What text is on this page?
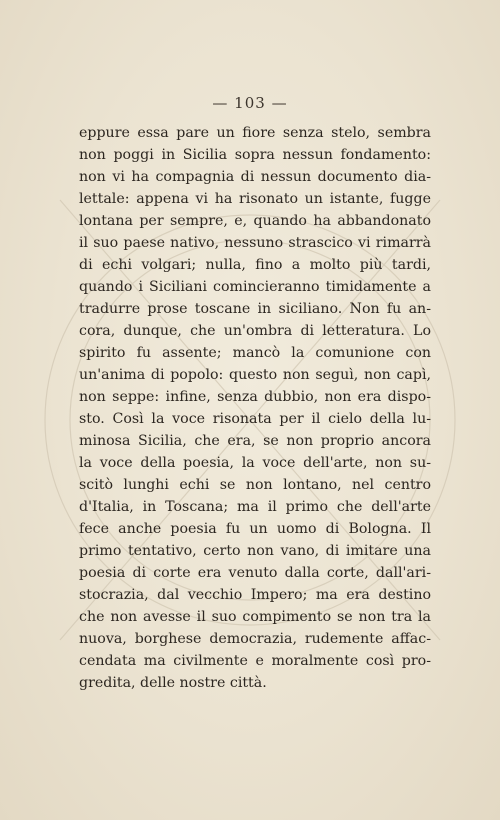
— 103 —
eppure essa pare un fiore senza stelo, sembra
non poggi in Sicilia sopra nessun fondamento:
non vi ha compagnia di nessun documento dia-
lettale: appena vi ha risonato un istante, fugge
lontana per sempre, e, quando ha abbandonato
il suo paese nativo, nessuno strascico vi rimarrà
di echi volgari; nulla, fino a molto più tardi,
quando i Siciliani comincieranno timidamente a
tradurre prose toscane in siciliano. Non fu an-
cora, dunque, che un'ombra di letteratura. Lo
spirito fu assente; mancò la comunione con
un'anima di popolo: questo non seguì, non capì,
non seppe: infine, senza dubbio, non era dispo-
sto. Così la voce risonata per il cielo della lu-
minosa Sicilia, che era, se non proprio ancora
la voce della poesia, la voce dell'arte, non su-
scitò lunghi echi se non lontano, nel centro
d'Italia, in Toscana; ma il primo che dell'arte
fece anche poesia fu un uomo di Bologna. Il
primo tentativo, certo non vano, di imitare una
poesia di corte era venuto dalla corte, dall'ari-
stocrazia, dal vecchio Impero; ma era destino
che non avesse il suo compimento se non tra la
nuova, borghese democrazia, rudemente affac-
cendata ma civilmente e moralmente così pro-
gredita, delle nostre città.
